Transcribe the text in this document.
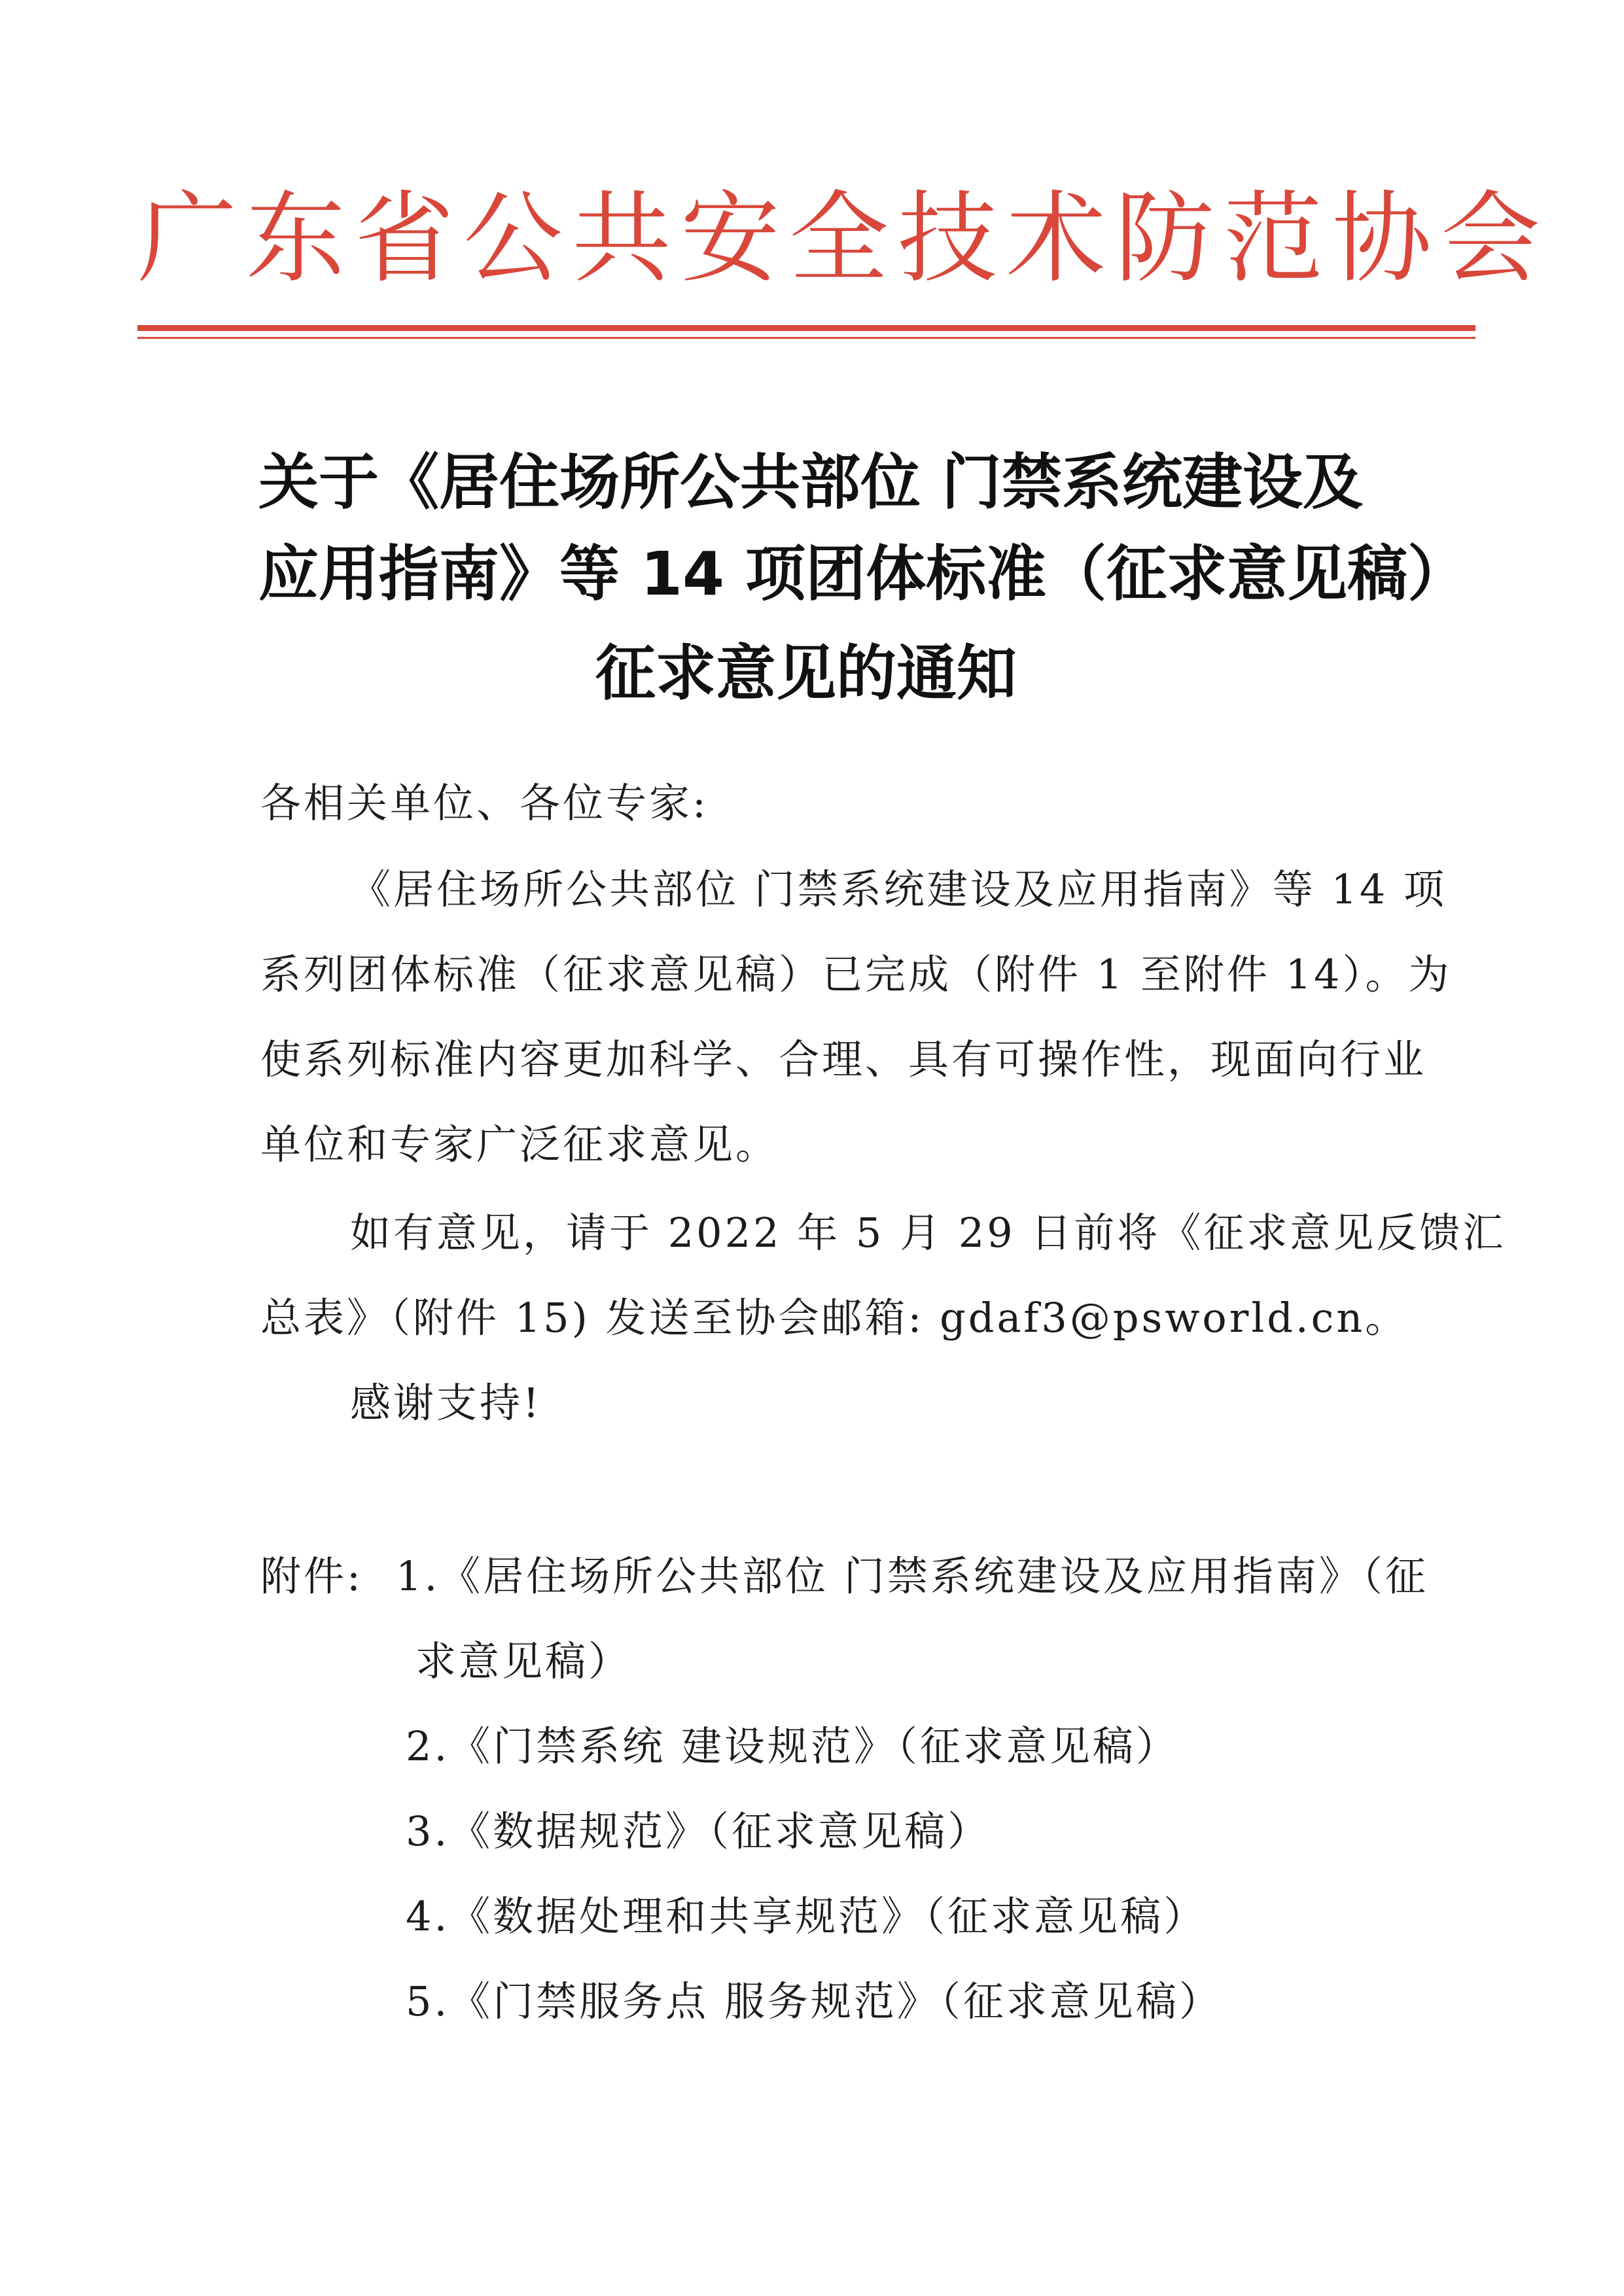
广东省公共安全技术防范协会
关于《居住场所公共部位 门禁系统建设及
应用指南》等 14 项团体标准（征求意见稿）
征求意见的通知
各相关单位、各位专家:
《居住场所公共部位 门禁系统建设及应用指南》等 14 项
系列团体标准（征求意见稿）已完成（附件 1 至附件 14）。为
使系列标准内容更加科学、合理、具有可操作性，现面向行业
单位和专家广泛征求意见。
如有意见，请于 2022 年 5 月 29 日前将《征求意见反馈汇
总表》（附件 15) 发送至协会邮箱: gdaf3@psworld.cn。
感谢支持!
附件: 1.《居住场所公共部位 门禁系统建设及应用指南》（征
求意见稿）
2.《门禁系统 建设规范》（征求意见稿）
3.《数据规范》（征求意见稿）
4.《数据处理和共享规范》（征求意见稿）
5.《门禁服务点 服务规范》（征求意见稿）
